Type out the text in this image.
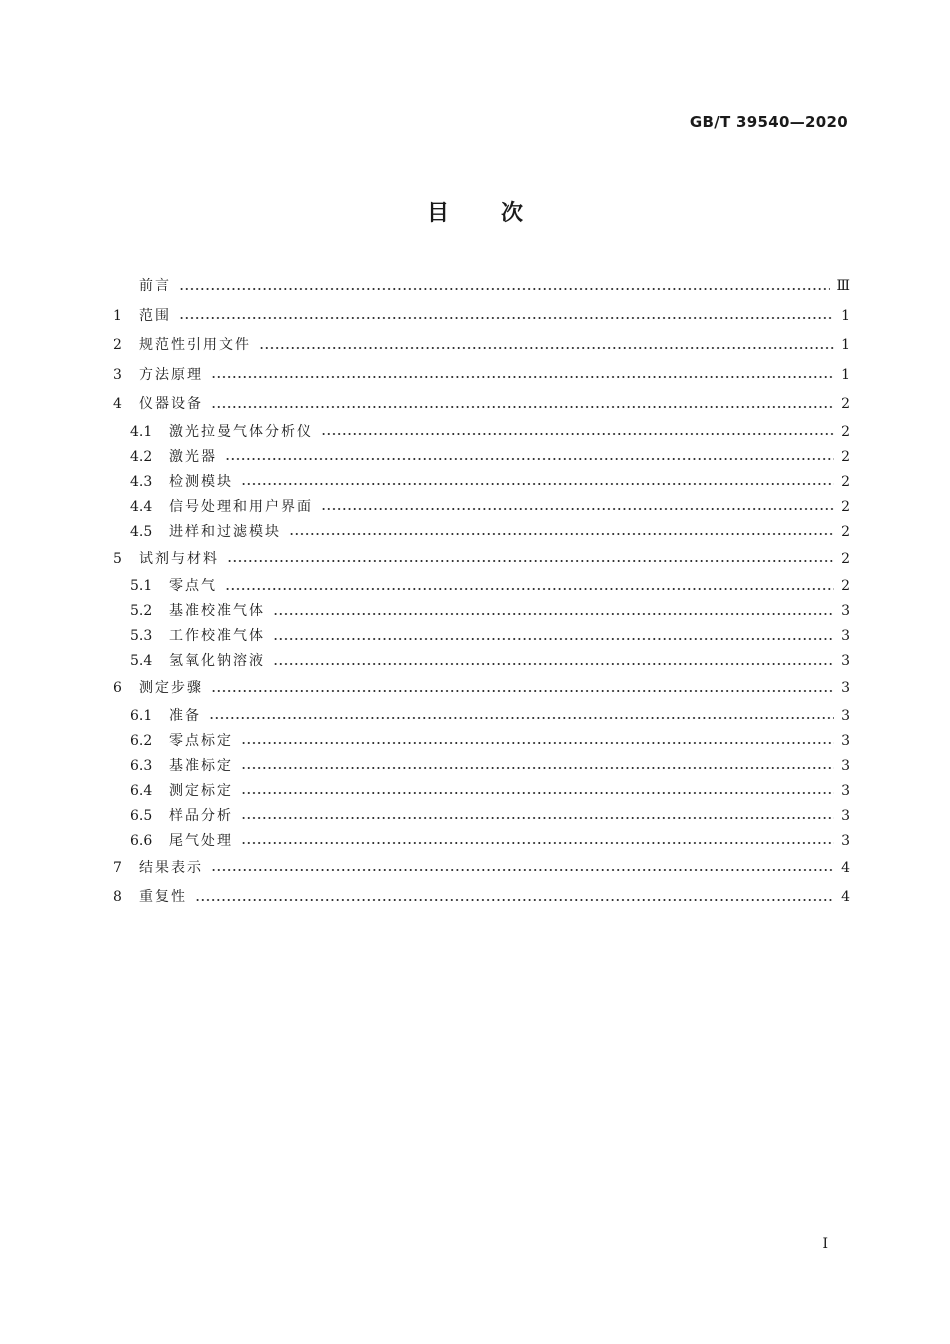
GB/T 39540—2020
目次
前言	Ⅲ
1	范围	1
2	规范性引用文件	1
3	方法原理	1
4	仪器设备	2
4.1	激光拉曼气体分析仪	2
4.2	激光器	2
4.3	检测模块	2
4.4	信号处理和用户界面	2
4.5	进样和过滤模块	2
5	试剂与材料	2
5.1	零点气	2
5.2	基准校准气体	3
5.3	工作校准气体	3
5.4	氢氧化钠溶液	3
6	测定步骤	3
6.1	准备	3
6.2	零点标定	3
6.3	基准标定	3
6.4	测定标定	3
6.5	样品分析	3
6.6	尾气处理	3
7	结果表示	4
8	重复性	4
Ⅰ
